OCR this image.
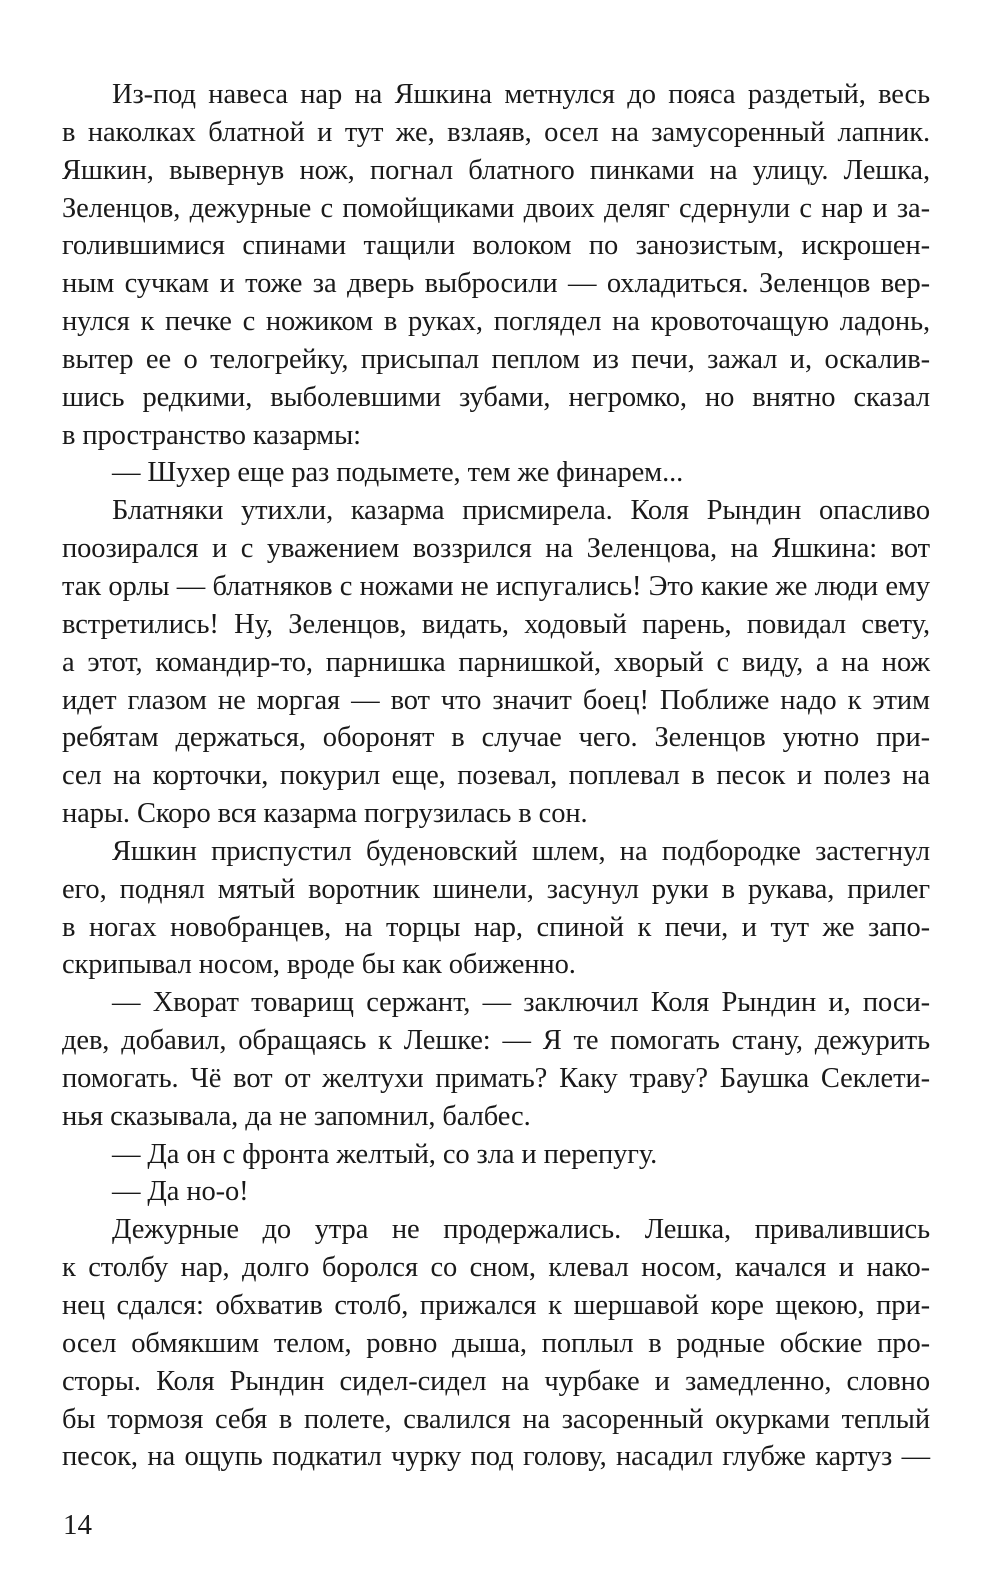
Из-под навеса нар на Яшкина метнулся до пояса раздетый, весь
в наколках блатной и тут же, взлаяв, осел на замусоренный лапник.
Яшкин, вывернув нож, погнал блатного пинками на улицу. Лешка,
Зеленцов, дежурные с помойщиками двоих деляг сдернули с нар и за-
голившимися спинами тащили волоком по занозистым, искрошен-
ным сучкам и тоже за дверь выбросили — охладиться. Зеленцов вер-
нулся к печке с ножиком в руках, поглядел на кровоточащую ладонь,
вытер ее о телогрейку, присыпал пеплом из печи, зажал и, оскалив-
шись редкими, выболевшими зубами, негромко, но внятно сказал
в пространство казармы:
— Шухер еще раз подымете, тем же финарем...
Блатняки утихли, казарма присмирела. Коля Рындин опасливо
поозирался и с уважением воззрился на Зеленцова, на Яшкина: вот
так орлы — блатняков с ножами не испугались! Это какие же люди ему
встретились! Ну, Зеленцов, видать, ходовый парень, повидал свету,
а этот, командир-то, парнишка парнишкой, хворый с виду, а на нож
идет глазом не моргая — вот что значит боец! Поближе надо к этим
ребятам держаться, оборонят в случае чего. Зеленцов уютно при-
сел на корточки, покурил еще, позевал, поплевал в песок и полез на
нары. Скоро вся казарма погрузилась в сон.
Яшкин приспустил буденовский шлем, на подбородке застегнул
его, поднял мятый воротник шинели, засунул руки в рукава, прилег
в ногах новобранцев, на торцы нар, спиной к печи, и тут же запо-
скрипывал носом, вроде бы как обиженно.
— Хворат товарищ сержант, — заключил Коля Рындин и, поси-
дев, добавил, обращаясь к Лешке: — Я те помогать стану, дежурить
помогать. Чё вот от желтухи примать? Каку траву? Баушка Секлети-
нья сказывала, да не запомнил, балбес.
— Да он с фронта желтый, со зла и перепугу.
— Да но-о!
Дежурные до утра не продержались. Лешка, привалившись
к столбу нар, долго боролся со сном, клевал носом, качался и нако-
нец сдался: обхватив столб, прижался к шершавой коре щекою, при-
осел обмякшим телом, ровно дыша, поплыл в родные обские про-
сторы. Коля Рындин сидел-сидел на чурбаке и замедленно, словно
бы тормозя себя в полете, свалился на засоренный окурками теплый
песок, на ощупь подкатил чурку под голову, насадил глубже картуз —
14
